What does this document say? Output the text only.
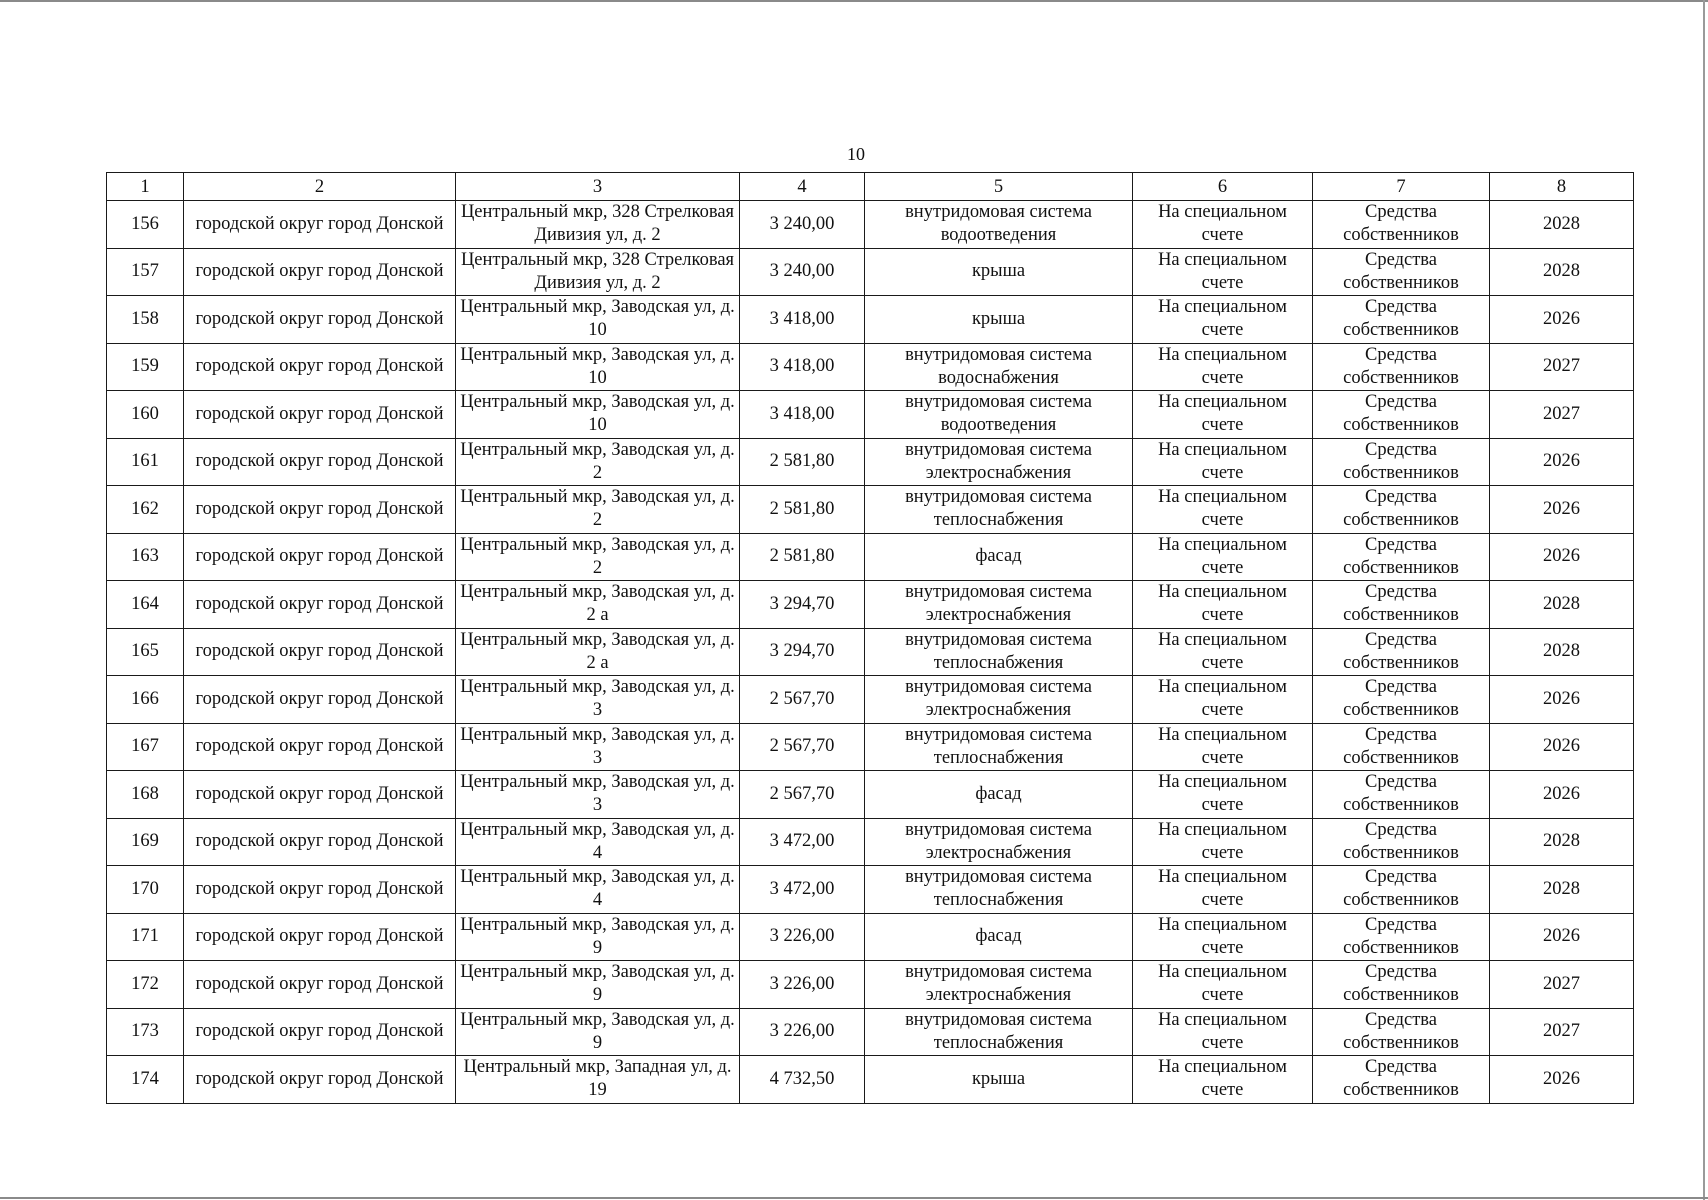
10
1	2	3	4	5	6	7	8
156	городской округ город Донской	Центральный мкр, 328 Стрелковая Дивизия ул, д. 2	3 240,00	внутридомовая система водоотведения	На специальном счете	Средства собственников	2028
157	городской округ город Донской	Центральный мкр, 328 Стрелковая Дивизия ул, д. 2	3 240,00	крыша	На специальном счете	Средства собственников	2028
158	городской округ город Донской	Центральный мкр, Заводская ул, д. 10	3 418,00	крыша	На специальном счете	Средства собственников	2026
159	городской округ город Донской	Центральный мкр, Заводская ул, д. 10	3 418,00	внутридомовая система водоснабжения	На специальном счете	Средства собственников	2027
160	городской округ город Донской	Центральный мкр, Заводская ул, д. 10	3 418,00	внутридомовая система водоотведения	На специальном счете	Средства собственников	2027
161	городской округ город Донской	Центральный мкр, Заводская ул, д. 2	2 581,80	внутридомовая система электроснабжения	На специальном счете	Средства собственников	2026
162	городской округ город Донской	Центральный мкр, Заводская ул, д. 2	2 581,80	внутридомовая система теплоснабжения	На специальном счете	Средства собственников	2026
163	городской округ город Донской	Центральный мкр, Заводская ул, д. 2	2 581,80	фасад	На специальном счете	Средства собственников	2026
164	городской округ город Донской	Центральный мкр, Заводская ул, д. 2 а	3 294,70	внутридомовая система электроснабжения	На специальном счете	Средства собственников	2028
165	городской округ город Донской	Центральный мкр, Заводская ул, д. 2 а	3 294,70	внутридомовая система теплоснабжения	На специальном счете	Средства собственников	2028
166	городской округ город Донской	Центральный мкр, Заводская ул, д. 3	2 567,70	внутридомовая система электроснабжения	На специальном счете	Средства собственников	2026
167	городской округ город Донской	Центральный мкр, Заводская ул, д. 3	2 567,70	внутридомовая система теплоснабжения	На специальном счете	Средства собственников	2026
168	городской округ город Донской	Центральный мкр, Заводская ул, д. 3	2 567,70	фасад	На специальном счете	Средства собственников	2026
169	городской округ город Донской	Центральный мкр, Заводская ул, д. 4	3 472,00	внутридомовая система электроснабжения	На специальном счете	Средства собственников	2028
170	городской округ город Донской	Центральный мкр, Заводская ул, д. 4	3 472,00	внутридомовая система теплоснабжения	На специальном счете	Средства собственников	2028
171	городской округ город Донской	Центральный мкр, Заводская ул, д. 9	3 226,00	фасад	На специальном счете	Средства собственников	2026
172	городской округ город Донской	Центральный мкр, Заводская ул, д. 9	3 226,00	внутридомовая система электроснабжения	На специальном счете	Средства собственников	2027
173	городской округ город Донской	Центральный мкр, Заводская ул, д. 9	3 226,00	внутридомовая система теплоснабжения	На специальном счете	Средства собственников	2027
174	городской округ город Донской	Центральный мкр, Западная ул, д. 19	4 732,50	крыша	На специальном счете	Средства собственников	2026
